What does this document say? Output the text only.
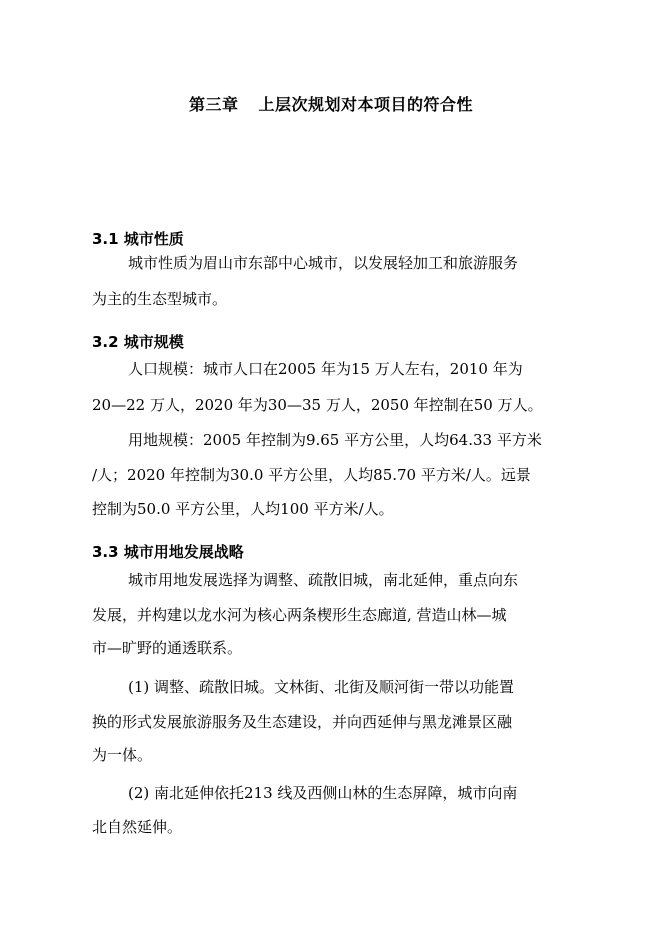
第三章 上层次规划对本项目的符合性
3.1 城市性质
城市性质为眉山市东部中心城市，以发展轻加工和旅游服务
为主的生态型城市。
3.2 城市规模
人口规模：城市人口在2005 年为15 万人左右，2010 年为
20—22 万人，2020 年为30—35 万人，2050 年控制在50 万人。
用地规模：2005 年控制为9.65 平方公里，人均64.33 平方米
/人；2020 年控制为30.0 平方公里，人均85.70 平方米/人。远景
控制为50.0 平方公里，人均100 平方米/人。
3.3 城市用地发展战略
城市用地发展选择为调整、疏散旧城，南北延伸，重点向东
发展，并构建以龙水河为核心两条楔形生态廊道, 营造山林—城
市—旷野的通透联系。
(1) 调整、疏散旧城。文林街、北街及顺河街一带以功能置
换的形式发展旅游服务及生态建设，并向西延伸与黑龙滩景区融
为一体。
(2) 南北延伸依托213 线及西侧山林的生态屏障，城市向南
北自然延伸。
